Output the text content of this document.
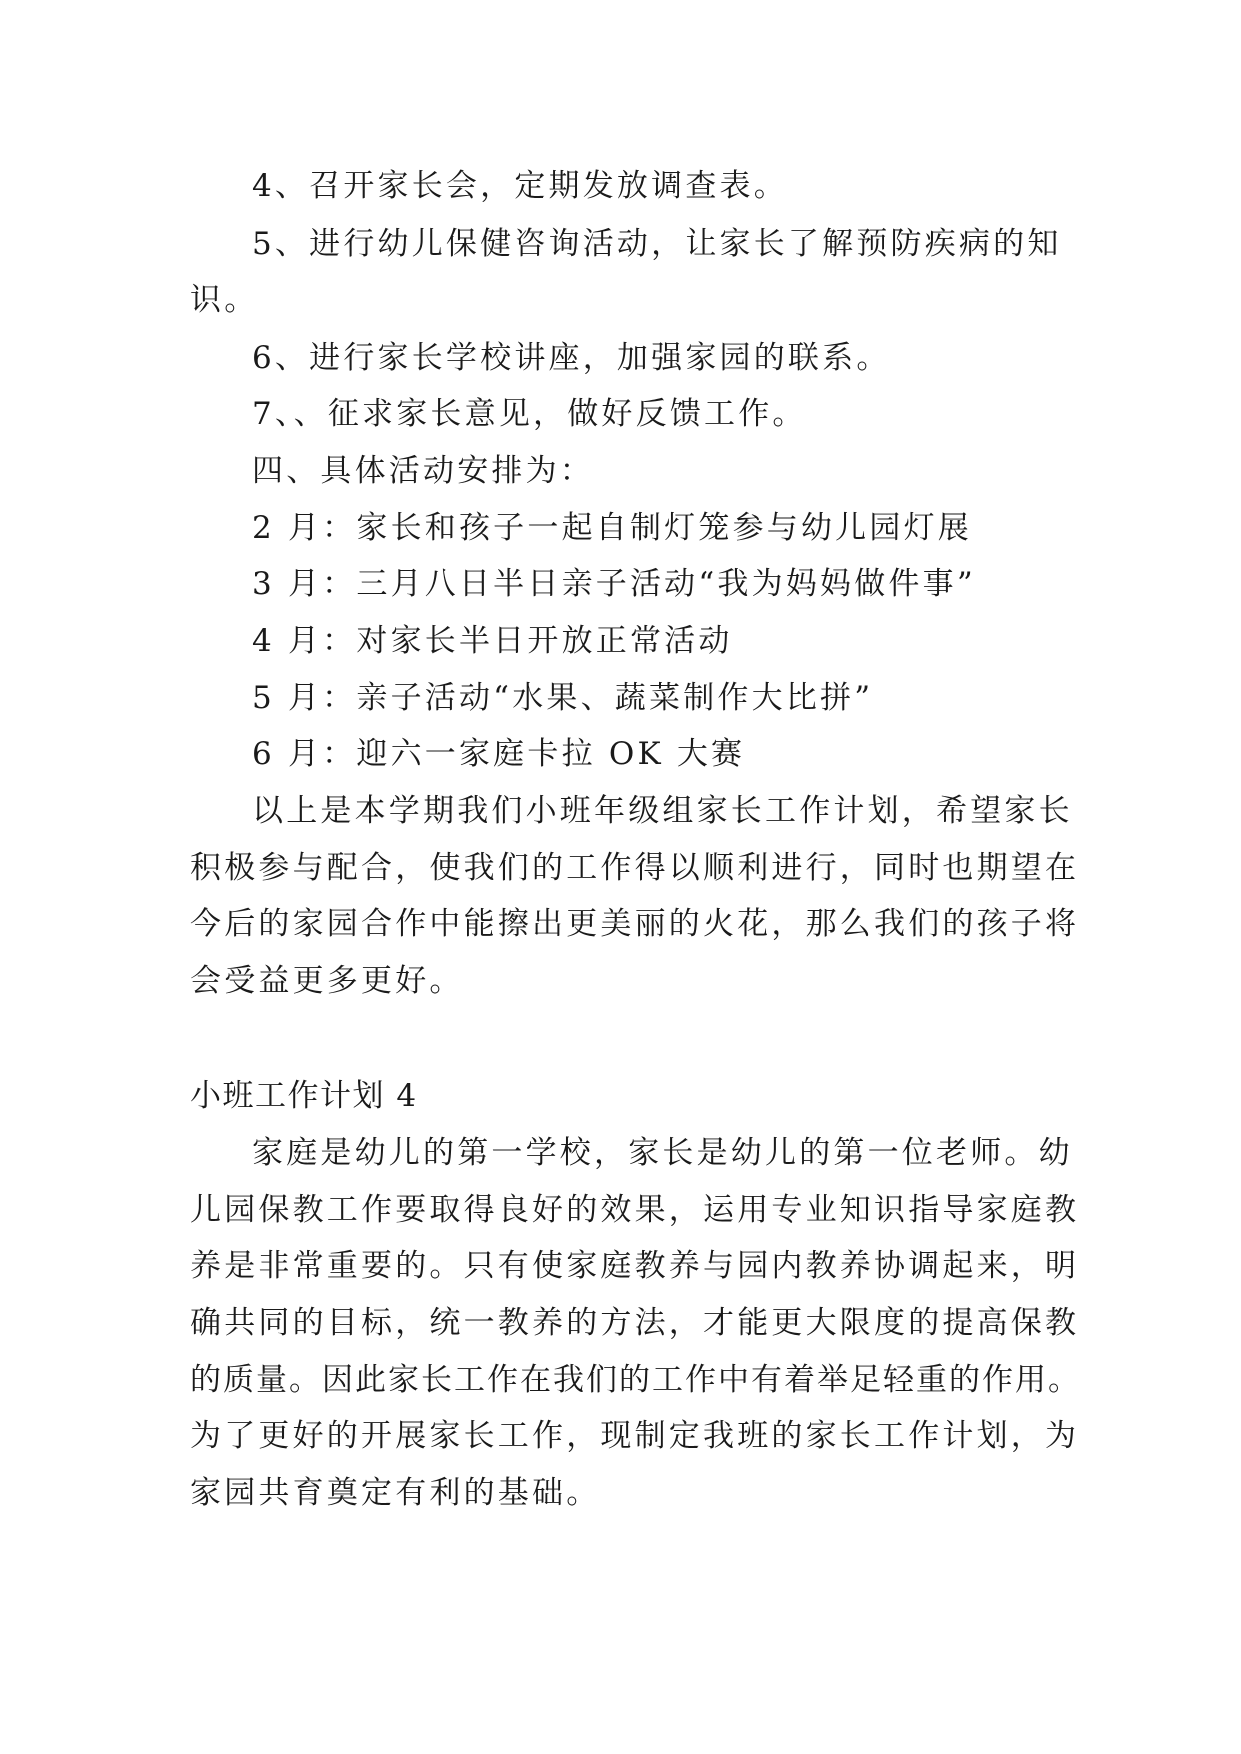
4、召开家长会，定期发放调查表。
5、进行幼儿保健咨询活动，让家长了解预防疾病的知
识。
6、进行家长学校讲座，加强家园的联系。
7、、征求家长意见，做好反馈工作。
四、具体活动安排为：
2 月：家长和孩子一起自制灯笼参与幼儿园灯展
3 月：三月八日半日亲子活动“我为妈妈做件事”
4 月：对家长半日开放正常活动
5 月：亲子活动“水果、蔬菜制作大比拼”
6 月：迎六一家庭卡拉 OK 大赛
以上是本学期我们小班年级组家长工作计划，希望家长
积极参与配合，使我们的工作得以顺利进行，同时也期望在
今后的家园合作中能擦出更美丽的火花，那么我们的孩子将
会受益更多更好。
小班工作计划 4
家庭是幼儿的第一学校，家长是幼儿的第一位老师。幼
儿园保教工作要取得良好的效果，运用专业知识指导家庭教
养是非常重要的。只有使家庭教养与园内教养协调起来，明
确共同的目标，统一教养的方法，才能更大限度的提高保教
的质量。因此家长工作在我们的工作中有着举足轻重的作用。
为了更好的开展家长工作，现制定我班的家长工作计划，为
家园共育奠定有利的基础。
